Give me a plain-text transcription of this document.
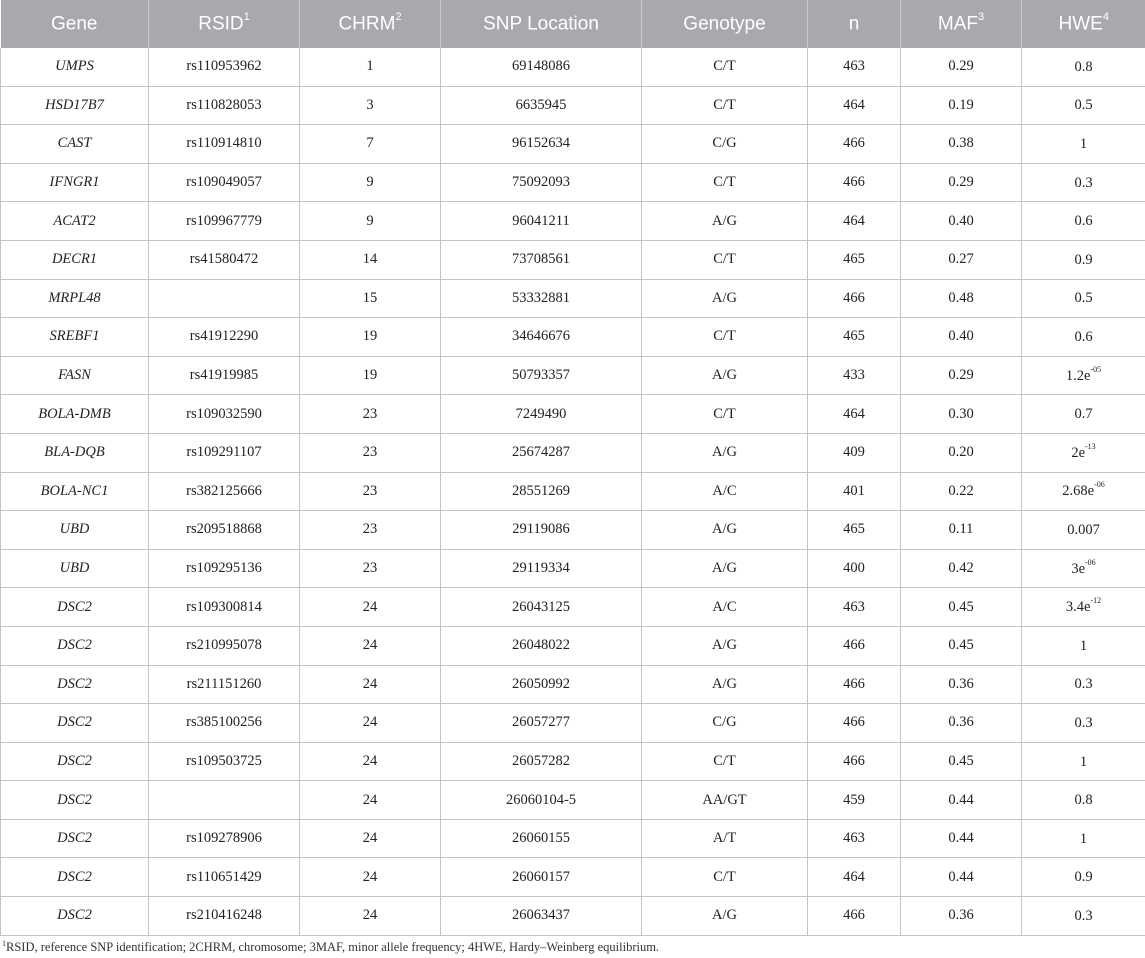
Gene	RSID$^1$	CHRM$^2$	SNP Location	Genotype	n	MAF$^3$	HWE$^4$
UMPS	rs110953962	1	69148086	C/T	463	0.29	0.8
HSD17B7	rs110828053	3	6635945	C/T	464	0.19	0.5
CAST	rs110914810	7	96152634	C/G	466	0.38	1
IFNGR1	rs109049057	9	75092093	C/T	466	0.29	0.3
ACAT2	rs109967779	9	96041211	A/G	464	0.40	0.6
DECR1	rs41580472	14	73708561	C/T	465	0.27	0.9
MRPL48		15	53332881	A/G	466	0.48	0.5
SREBF1	rs41912290	19	34646676	C/T	465	0.40	0.6
FASN	rs41919985	19	50793357	A/G	433	0.29	$1.2e^{-05}$
BOLA-DMB	rs109032590	23	7249490	C/T	464	0.30	0.7
BLA-DQB	rs109291107	23	25674287	A/G	409	0.20	$2e^{-13}$
BOLA-NC1	rs382125666	23	28551269	A/C	401	0.22	$2.68e^{-06}$
UBD	rs209518868	23	29119086	A/G	465	0.11	0.007
UBD	rs109295136	23	29119334	A/G	400	0.42	$3e^{-06}$
DSC2	rs109300814	24	26043125	A/C	463	0.45	$3.4e^{-12}$
DSC2	rs210995078	24	26048022	A/G	466	0.45	1
DSC2	rs211151260	24	26050992	A/G	466	0.36	0.3
DSC2	rs385100256	24	26057277	C/G	466	0.36	0.3
DSC2	rs109503725	24	26057282	C/T	466	0.45	1
DSC2		24	26060104-5	AA/GT	459	0.44	0.8
DSC2	rs109278906	24	26060155	A/T	463	0.44	1
DSC2	rs110651429	24	26060157	C/T	464	0.44	0.9
DSC2	rs210416248	24	26063437	A/G	466	0.36	0.3
$^1$RSID, reference SNP identification; 2CHRM, chromosome; 3MAF, minor allele frequency; 4HWE, Hardy–Weinberg equilibrium.
